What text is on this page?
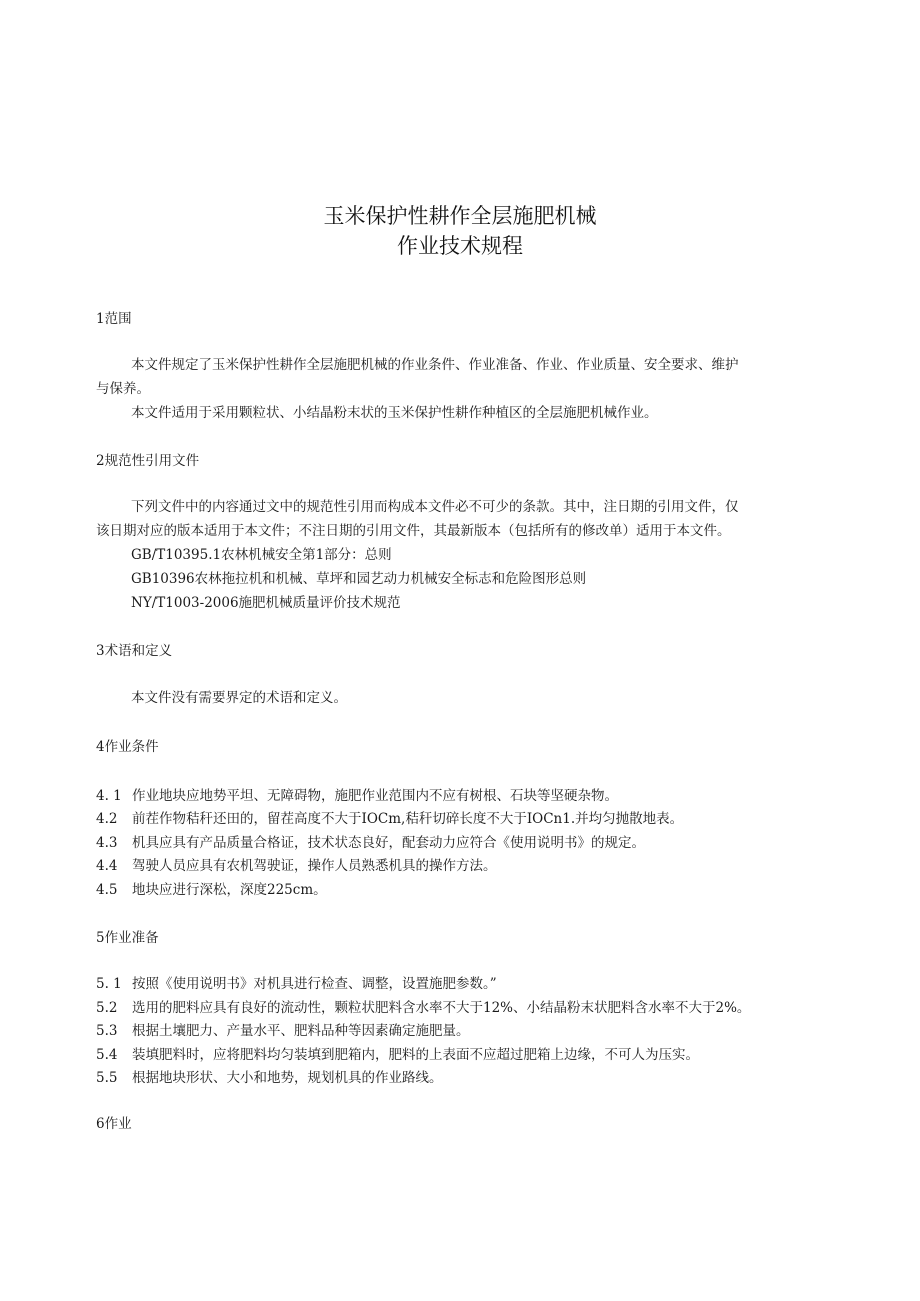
玉米保护性耕作全层施肥机械
作业技术规程
1范围
本文件规定了玉米保护性耕作全层施肥机械的作业条件、作业准备、作业、作业质量、安全要求、维护
与保养。
本文件适用于采用颗粒状、小结晶粉末状的玉米保护性耕作种植区的全层施肥机械作业。
2规范性引用文件
下列文件中的内容通过文中的规范性引用而构成本文件必不可少的条款。其中，注日期的引用文件，仅
该日期对应的版本适用于本文件；不注日期的引用文件，其最新版本（包括所有的修改单）适用于本文件。
GB/T10395.1农林机械安全第1部分：总则
GB10396农林拖拉机和机械、草坪和园艺动力机械安全标志和危险图形总则
NY/T1003-2006施肥机械质量评价技术规范
3术语和定义
本文件没有需要界定的术语和定义。
4作业条件
4. 1 作业地块应地势平坦、无障碍物，施肥作业范围内不应有树根、石块等坚硬杂物。
4.2 前茬作物秸秆还田的，留茬高度不大于IOCm,秸秆切碎长度不大于IOCn1.并均匀抛散地表。
4.3 机具应具有产品质量合格证，技术状态良好，配套动力应符合《使用说明书》的规定。
4.4 驾驶人员应具有农机驾驶证，操作人员熟悉机具的操作方法。
4.5 地块应进行深松，深度225cm。
5作业准备
5. 1 按照《使用说明书》对机具进行检查、调整，设置施肥参数。”
5.2 选用的肥料应具有良好的流动性，颗粒状肥料含水率不大于12%、小结晶粉末状肥料含水率不大于2%。
5.3 根据土壤肥力、产量水平、肥料品种等因素确定施肥量。
5.4 装填肥料时，应将肥料均匀装填到肥箱内，肥料的上表面不应超过肥箱上边缘，不可人为压实。
5.5 根据地块形状、大小和地势，规划机具的作业路线。
6作业
